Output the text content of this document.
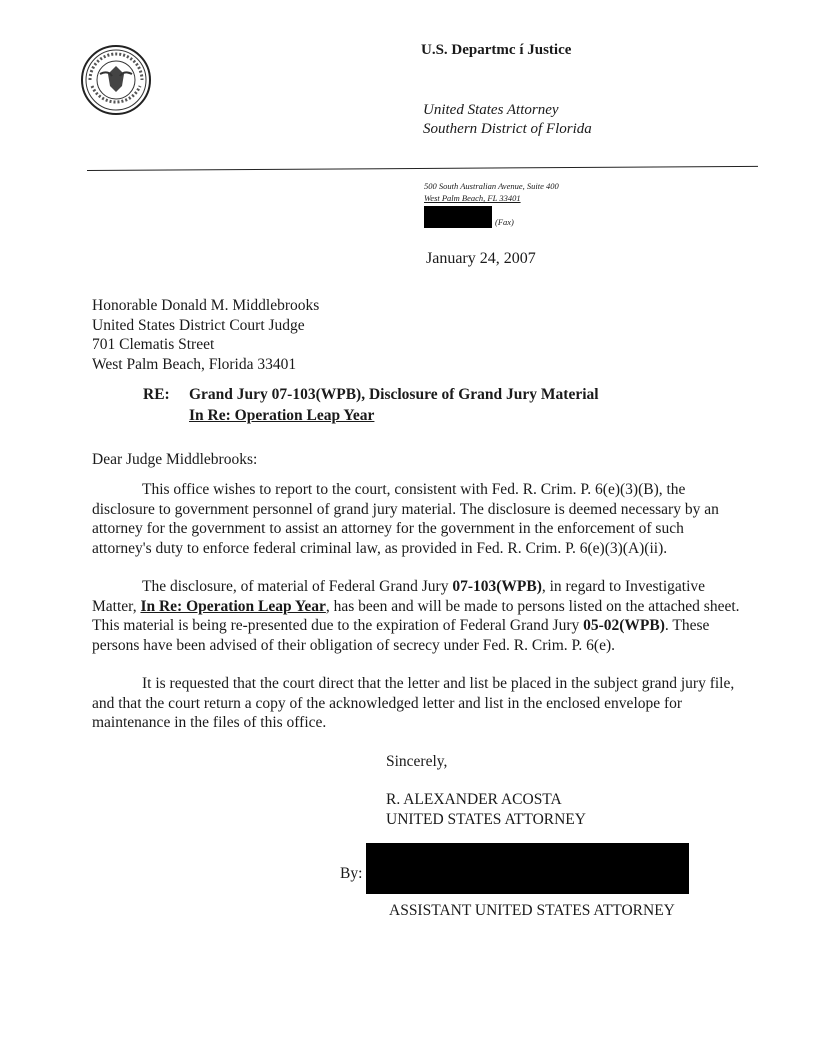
U.S. Departmc í Justice
United States Attorney
Southern District of Florida
500 South Australian Avenue, Suite 400
West Palm Beach, FL 33401
(Fax)
January 24, 2007
Honorable Donald M. Middlebrooks
United States District Court Judge
701 Clematis Street
West Palm Beach, Florida 33401
RE: Grand Jury 07-103(WPB), Disclosure of Grand Jury Material
In Re: Operation Leap Year
Dear Judge Middlebrooks:
This office wishes to report to the court, consistent with Fed. R. Crim. P. 6(e)(3)(B), the
disclosure to government personnel of grand jury material. The disclosure is deemed necessary by an
attorney for the government to assist an attorney for the government in the enforcement of such
attorney's duty to enforce federal criminal law, as provided in Fed. R. Crim. P. 6(e)(3)(A)(ii).
The disclosure, of material of Federal Grand Jury 07-103(WPB), in regard to Investigative
Matter, In Re: Operation Leap Year, has been and will be made to persons listed on the attached sheet.
This material is being re-presented due to the expiration of Federal Grand Jury 05-02(WPB). These
persons have been advised of their obligation of secrecy under Fed. R. Crim. P. 6(e).
It is requested that the court direct that the letter and list be placed in the subject grand jury file,
and that the court return a copy of the acknowledged letter and list in the enclosed envelope for
maintenance in the files of this office.
Sincerely,
R. ALEXANDER ACOSTA
UNITED STATES ATTORNEY
By:
ASSISTANT UNITED STATES ATTORNEY
